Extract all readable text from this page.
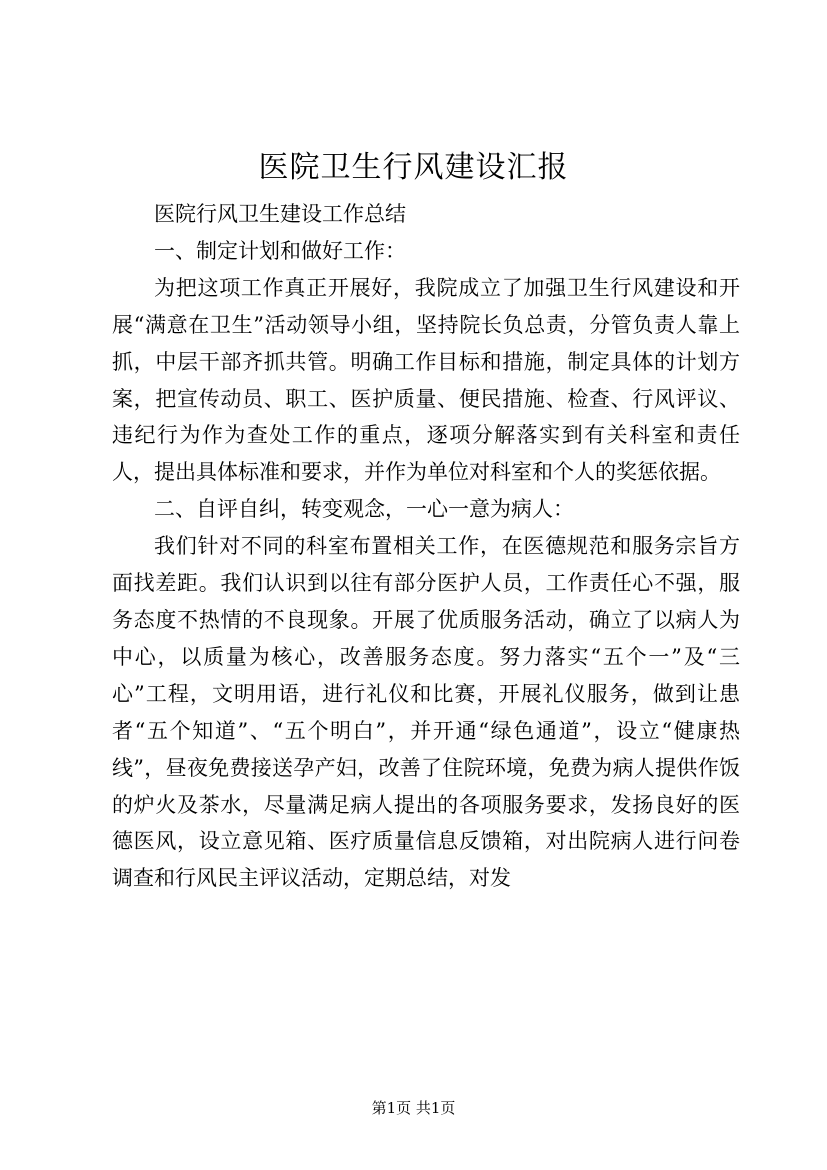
医院卫生行风建设汇报

医院行风卫生建设工作总结

一、制定计划和做好工作：

为把这项工作真正开展好，我院成立了加强卫生行风建设和开展“满意在卫生”活动领导小组，坚持院长负总责，分管负责人靠上抓，中层干部齐抓共管。明确工作目标和措施，制定具体的计划方案，把宣传动员、职工、医护质量、便民措施、检查、行风评议、违纪行为作为查处工作的重点，逐项分解落实到有关科室和责任人，提出具体标准和要求，并作为单位对科室和个人的奖惩依据。

二、自评自纠，转变观念，一心一意为病人：

我们针对不同的科室布置相关工作，在医德规范和服务宗旨方面找差距。我们认识到以往有部分医护人员，工作责任心不强，服务态度不热情的不良现象。开展了优质服务活动，确立了以病人为中心，以质量为核心，改善服务态度。努力落实“五个一”及“三心”工程，文明用语，进行礼仪和比赛，开展礼仪服务，做到让患者“五个知道”、“五个明白”，并开通“绿色通道”，设立“健康热线”，昼夜免费接送孕产妇，改善了住院环境，免费为病人提供作饭的炉火及茶水，尽量满足病人提出的各项服务要求，发扬良好的医德医风，设立意见箱、医疗质量信息反馈箱，对出院病人进行问卷调查和行风民主评议活动，定期总结，对发

第1页 共1页
